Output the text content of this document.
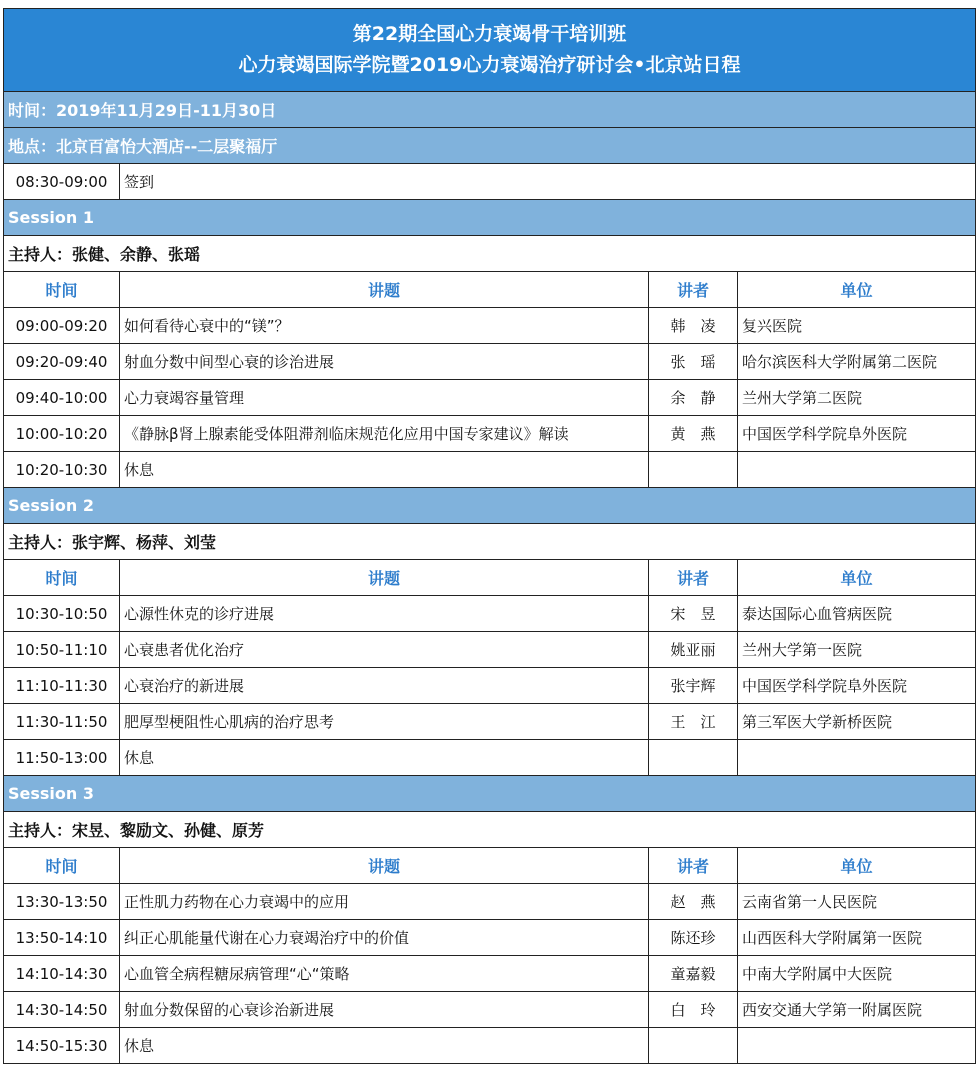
第22期全国心力衰竭骨干培训班
心力衰竭国际学院暨2019心力衰竭治疗研讨会•北京站日程			

时间：2019年11月29日-11月30日			
地点：北京百富怡大酒店--二层聚福厅			
08:30-09:00	签到		
Session 1			
主持人：张健、余静、张瑶			
时间	讲题	讲者	单位
09:00-09:20	如何看待心衰中的“镁”？	韩　凌	复兴医院
09:20-09:40	射血分数中间型心衰的诊治进展	张　瑶	哈尔滨医科大学附属第二医院
09:40-10:00	心力衰竭容量管理	余　静	兰州大学第二医院
10:00-10:20	《静脉β肾上腺素能受体阻滞剂临床规范化应用中国专家建议》解读	黄　燕	中国医学科学院阜外医院
10:20-10:30	休息		
Session 2			
主持人：张宇辉、杨萍、刘莹			
时间	讲题	讲者	单位
10:30-10:50	心源性休克的诊疗进展	宋　昱	泰达国际心血管病医院
10:50-11:10	心衰患者优化治疗	姚亚丽	兰州大学第一医院
11:10-11:30	心衰治疗的新进展	张宇辉	中国医学科学院阜外医院
11:30-11:50	肥厚型梗阻性心肌病的治疗思考	王　江	第三军医大学新桥医院
11:50-13:00	休息		
Session 3			
主持人：宋昱、黎励文、孙健、原芳			
时间	讲题	讲者	单位
13:30-13:50	正性肌力药物在心力衰竭中的应用	赵　燕	云南省第一人民医院
13:50-14:10	纠正心肌能量代谢在心力衰竭治疗中的价值	陈还珍	山西医科大学附属第一医院
14:10-14:30	心血管全病程糖尿病管理“心“策略	童嘉毅	中南大学附属中大医院
14:30-14:50	射血分数保留的心衰诊治新进展	白　玲	西安交通大学第一附属医院
14:50-15:30	休息		
